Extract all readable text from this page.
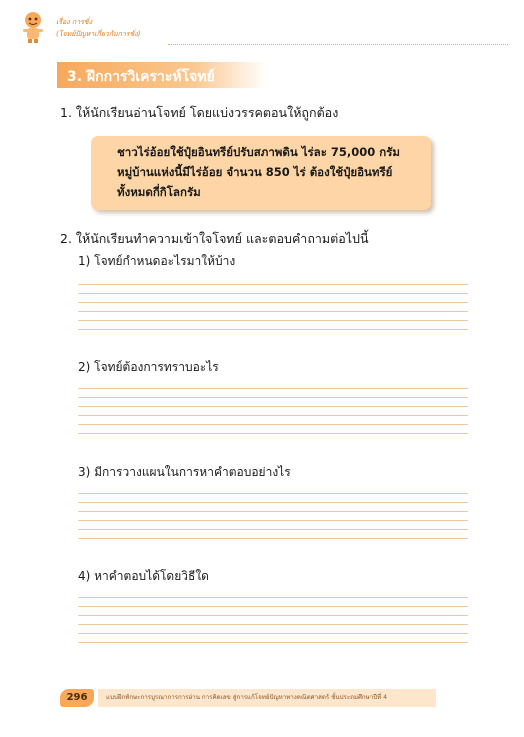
เรื่อง การชั่ง
(โจทย์ปัญหาเกี่ยวกับการชั่ง)
3. ฝึกการวิเคราะห์โจทย์
1. ให้นักเรียนอ่านโจทย์ โดยแบ่งวรรคตอนให้ถูกต้อง
ชาวไร่อ้อยใช้ปุ๋ยอินทรีย์ปรับสภาพดิน ไร่ละ 75,000 กรัม
หมู่บ้านแห่งนี้มีไร่อ้อย จำนวน 850 ไร่ ต้องใช้ปุ๋ยอินทรีย์
ทั้งหมดกี่กิโลกรัม
2. ให้นักเรียนทำความเข้าใจโจทย์ และตอบคำถามต่อไปนี้
1) โจทย์กำหนดอะไรมาให้บ้าง
2) โจทย์ต้องการทราบอะไร
3) มีการวางแผนในการหาคำตอบอย่างไร
4) หาคำตอบได้โดยวิธีใด
296	แบบฝึกทักษะการบูรณาการการอ่าน การคิดเลข สู่การแก้โจทย์ปัญหาทางคณิตศาสตร์ ชั้นประถมศึกษาปีที่ 4
